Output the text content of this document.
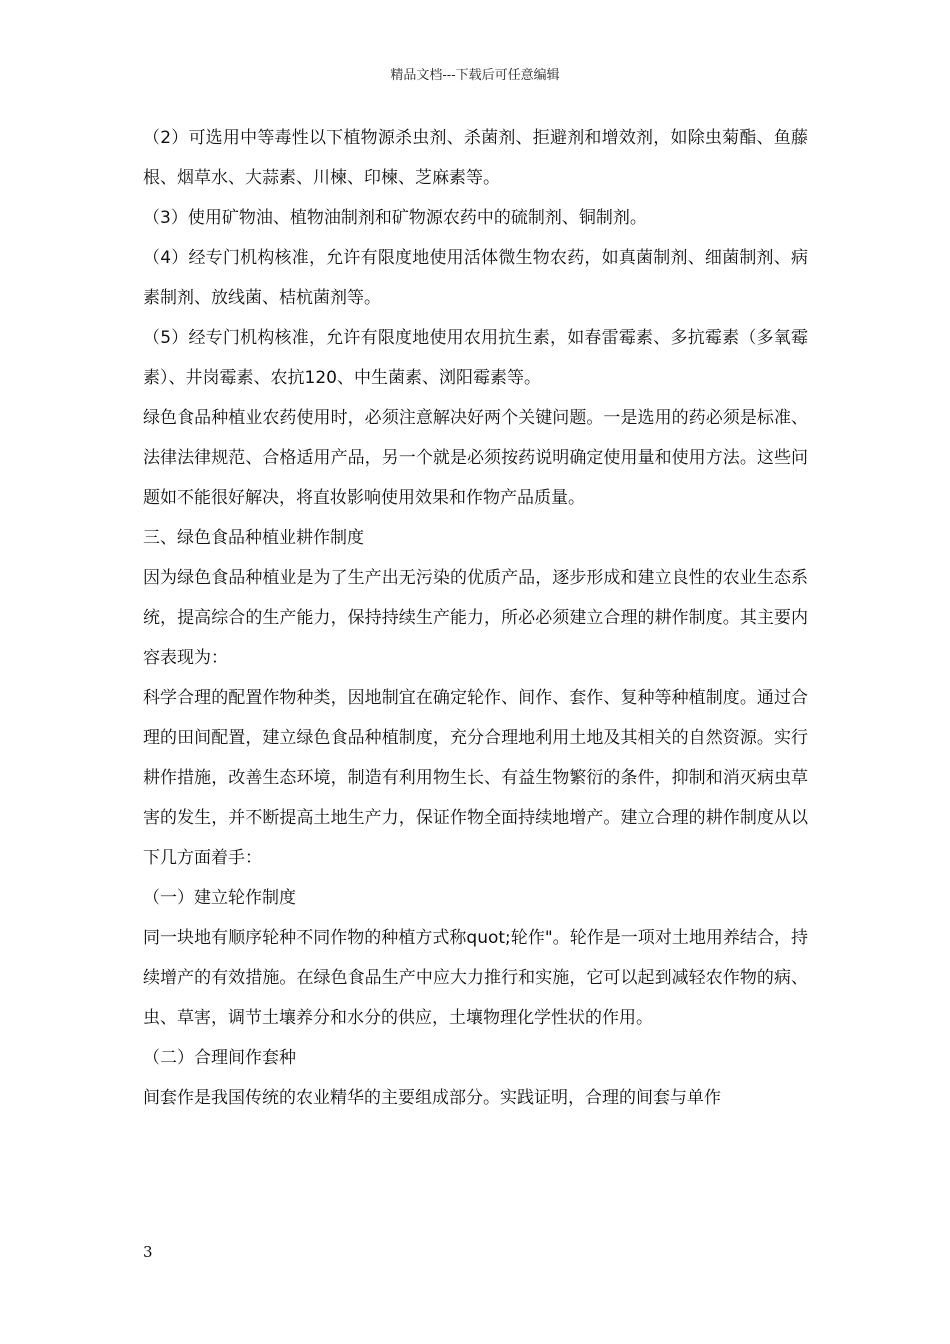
精品文档---下载后可任意编辑

（2）可选用中等毒性以下植物源杀虫剂、杀菌剂、拒避剂和增效剂，如除虫菊酯、鱼藤根、烟草水、大蒜素、川楝、印楝、芝麻素等。

（3）使用矿物油、植物油制剂和矿物源农药中的硫制剂、铜制剂。

（4）经专门机构核准，允许有限度地使用活体微生物农药，如真菌制剂、细菌制剂、病素制剂、放线菌、桔杭菌剂等。

（5）经专门机构核准，允许有限度地使用农用抗生素，如春雷霉素、多抗霉素（多氧霉素）、井岗霉素、农抗120、中生菌素、浏阳霉素等。

绿色食品种植业农药使用时，必须注意解决好两个关键问题。一是选用的药必须是标准、法律法律规范、合格适用产品，另一个就是必须按药说明确定使用量和使用方法。这些问题如不能很好解决，将直妆影响使用效果和作物产品质量。

三、绿色食品种植业耕作制度

因为绿色食品种植业是为了生产出无污染的优质产品，逐步形成和建立良性的农业生态系统，提高综合的生产能力，保持持续生产能力，所必必须建立合理的耕作制度。其主要内容表现为：

科学合理的配置作物种类，因地制宜在确定轮作、间作、套作、复种等种植制度。通过合理的田间配置，建立绿色食品种植制度，充分合理地利用土地及其相关的自然资源。实行耕作措施，改善生态环境，制造有利用物生长、有益生物繁衍的条件，抑制和消灭病虫草害的发生，并不断提高土地生产力，保证作物全面持续地增产。建立合理的耕作制度从以下几方面着手：

（一）建立轮作制度

同一块地有顺序轮种不同作物的种植方式称quot;轮作"。轮作是一项对土地用养结合，持续增产的有效措施。在绿色食品生产中应大力推行和实施，它可以起到减轻农作物的病、虫、草害，调节土壤养分和水分的供应，土壤物理化学性状的作用。

（二）合理间作套种

间套作是我国传统的农业精华的主要组成部分。实践证明，合理的间套与单作

3
